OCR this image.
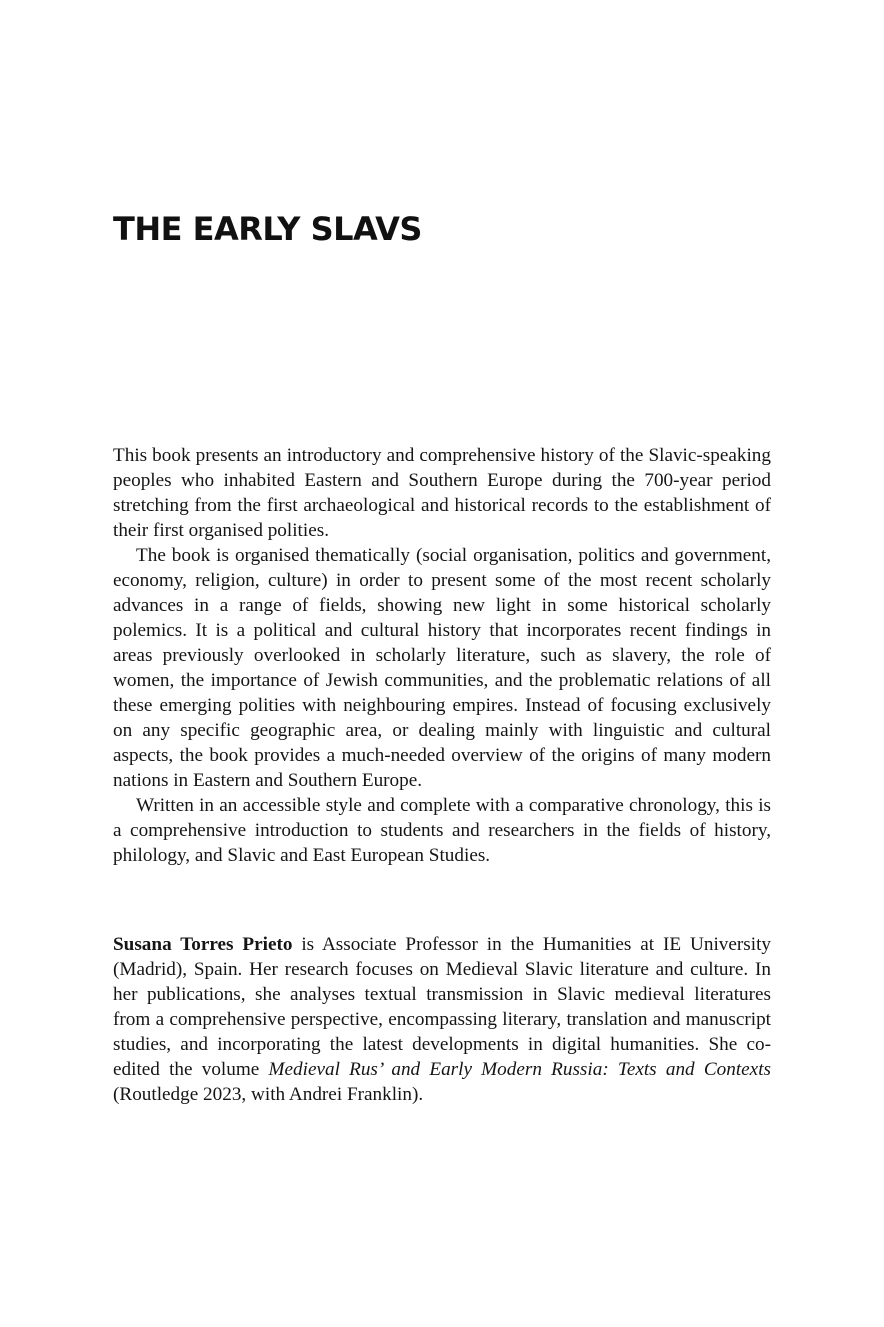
THE EARLY SLAVS

This book presents an introductory and comprehensive history of the Slavic-speaking peoples who inhabited Eastern and Southern Europe during the 700-year period stretching from the first archaeological and historical records to the establishment of their first organised polities.

The book is organised thematically (social organisation, politics and government, economy, religion, culture) in order to present some of the most recent scholarly advances in a range of fields, showing new light in some historical scholarly polemics. It is a political and cultural history that incorporates recent findings in areas previously overlooked in scholarly literature, such as slavery, the role of women, the importance of Jewish communities, and the problematic relations of all these emerging polities with neighbouring empires. Instead of focusing exclusively on any specific geographic area, or dealing mainly with linguistic and cultural aspects, the book provides a much-needed overview of the origins of many modern nations in Eastern and Southern Europe.

Written in an accessible style and complete with a comparative chronology, this is a comprehensive introduction to students and researchers in the fields of history, philology, and Slavic and East European Studies.

Susana Torres Prieto is Associate Professor in the Humanities at IE University (Madrid), Spain. Her research focuses on Medieval Slavic literature and culture. In her publications, she analyses textual transmission in Slavic medieval literatures from a comprehensive perspective, encompassing literary, translation and manuscript studies, and incorporating the latest developments in digital humanities. She co-edited the volume Medieval Rus’ and Early Modern Russia: Texts and Contexts (Routledge 2023, with Andrei Franklin).
